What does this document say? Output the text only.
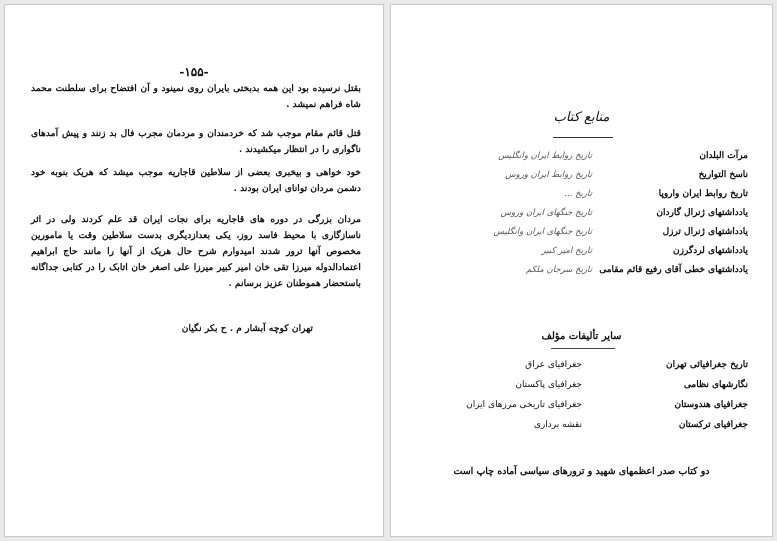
-۱۵۵-
بقتل نرسیده بود این همه بدبختی بایران روی نمینود و آن افتضاح برای سلطنت محمد شاه فراهم نمیشد .
قتل قائم مقام موجب شد که خردمندان و مردمان مجرب فال بد زنند و پیش آمدهای ناگواری را در انتظار میکشیدند .
خود خواهی و بیخبری بعضی از سلاطین قاجاریه موجب میشد که هریک بنوبه خود دشمن مردان توانای ایران بودند .
مردان بزرگی در دوره های قاجاریه برای نجات ایران قد علم کردند ولی در اثر ناسازگاری با محیط فاسد روز، یکی بعدازدیگری بدست سلاطین وقت یا مامورین مخصوص آنها ترور شدند امیدوارم شرح حال هریک از آنها را مانند حاج ابراهیم اعتمادالدوله میرزا تقی خان امیر کبیر میرزا علی اصغر خان اتابک را در کتابی جداگانه باستحضار هموطنان عزیز برسانم .
تهران کوچه آبشار م . ح بکر نگیان
منابع کتاب
مرآت البلدان
تاریخ روابط ایران وانگلیس
ناسخ التواریخ
تاریخ روابط ایران وروس
تاریخ روابط ایران واروپا
تاریخ ...
یادداشتهای ژنرال گاردان
تاریخ جنگهای ایران وروس
یادداشتهای ژنرال ترزل
تاریخ جنگهای ایران وانگلیس
یادداشتهای لردگرزن
تاریخ امیر کبیر
یادداشتهای خطی آقای رفیع قائم مقامی
تاریخ سرجان ملکم
سایر تألیفات مؤلف
تاریخ جغرافیائی تهران
جغرافیای عراق
نگارشهای نظامی
جغرافیای پاکستان
جغرافیای هندوستان
جغرافیای تاریخی مرزهای ایران
جغرافیای ترکستان
نقشه برداری
دو کتاب صدر اعظمهای شهید و ترورهای سیاسی آماده چاپ است
